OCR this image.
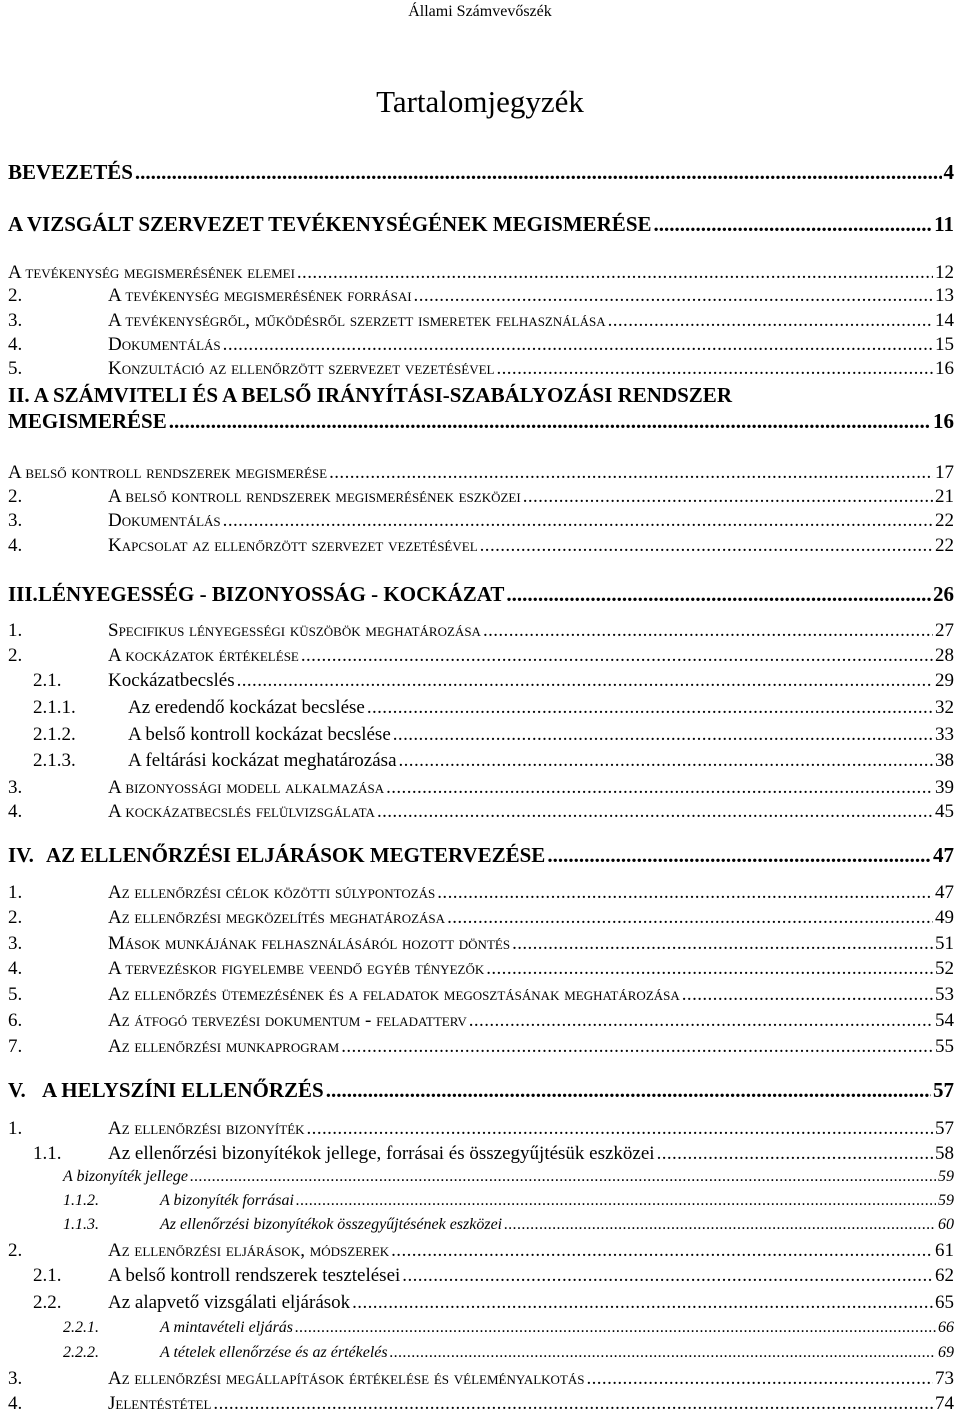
Állami Számvevőszék
Tartalomjegyzék
BEVEZETÉS .....	4
A VIZSGÁLT SZERVEZET TEVÉKENYSÉGÉNEK MEGISMERÉSE .....	11
A tevékenység megismerésének elemei .....	12
2.	A tevékenység megismerésének forrásai .....	13
3.	A tevékenységről, működésről szerzett ismeretek felhasználása .....	14
4.	Dokumentálás .....	15
5.	Konzultáció az ellenőrzött szervezet vezetésével .....	16
II. A SZÁMVITELI ÉS A BELSŐ IRÁNYÍTÁSI-SZABÁLYOZÁSI RENDSZER
MEGISMERÉSE .....	16
A belső kontroll rendszerek megismerése .....	17
2.	A belső kontroll rendszerek megismerésének eszközei .....	21
3.	Dokumentálás .....	22
4.	Kapcsolat az ellenőrzött szervezet vezetésével .....	22
III. LÉNYEGESSÉG - BIZONYOSSÁG - KOCKÁZAT .....	26
1.	Specifikus lényegességi küszöbök meghatározása .....	27
2.	A kockázatok értékelése .....	28
2.1.	Kockázatbecslés .....	29
2.1.1.	Az eredendő kockázat becslése .....	32
2.1.2.	A belső kontroll kockázat becslése .....	33
2.1.3.	A feltárási kockázat meghatározása .....	38
3.	A bizonyossági modell alkalmazása .....	39
4.	A kockázatbecslés felülvizsgálata .....	45
IV. AZ ELLENŐRZÉSI ELJÁRÁSOK MEGTERVEZÉSE .....	47
1.	Az ellenőrzési célok közötti súlypontozás .....	47
2.	Az ellenőrzési megközelítés meghatározása .....	49
3.	Mások munkájának felhasználásáról hozott döntés .....	51
4.	A tervezéskor figyelembe veendő egyéb tényezők .....	52
5.	Az ellenőrzés ütemezésének és a feladatok megosztásának meghatározása .....	53
6.	Az átfogó tervezési dokumentum - feladatterv .....	54
7.	Az ellenőrzési munkaprogram .....	55
V. A HELYSZÍNI ELLENŐRZÉS .....	57
1.	Az ellenőrzési bizonyíték .....	57
1.1.	Az ellenőrzési bizonyítékok jellege, forrásai és összegyűjtésük eszközei .....	58
A bizonyíték jellege .....	59
1.1.2.	A bizonyíték forrásai .....	59
1.1.3.	Az ellenőrzési bizonyítékok összegyűjtésének eszközei .....	60
2.	Az ellenőrzési eljárások, módszerek .....	61
2.1.	A belső kontroll rendszerek tesztelései .....	62
2.2.	Az alapvető vizsgálati eljárások .....	65
2.2.1.	A mintavételi eljárás .....	66
2.2.2.	A tételek ellenőrzése és az értékelés .....	69
3.	Az ellenőrzési megállapítások értékelése és véleményalkotás .....	73
4.	Jelentéstétel .....	74
